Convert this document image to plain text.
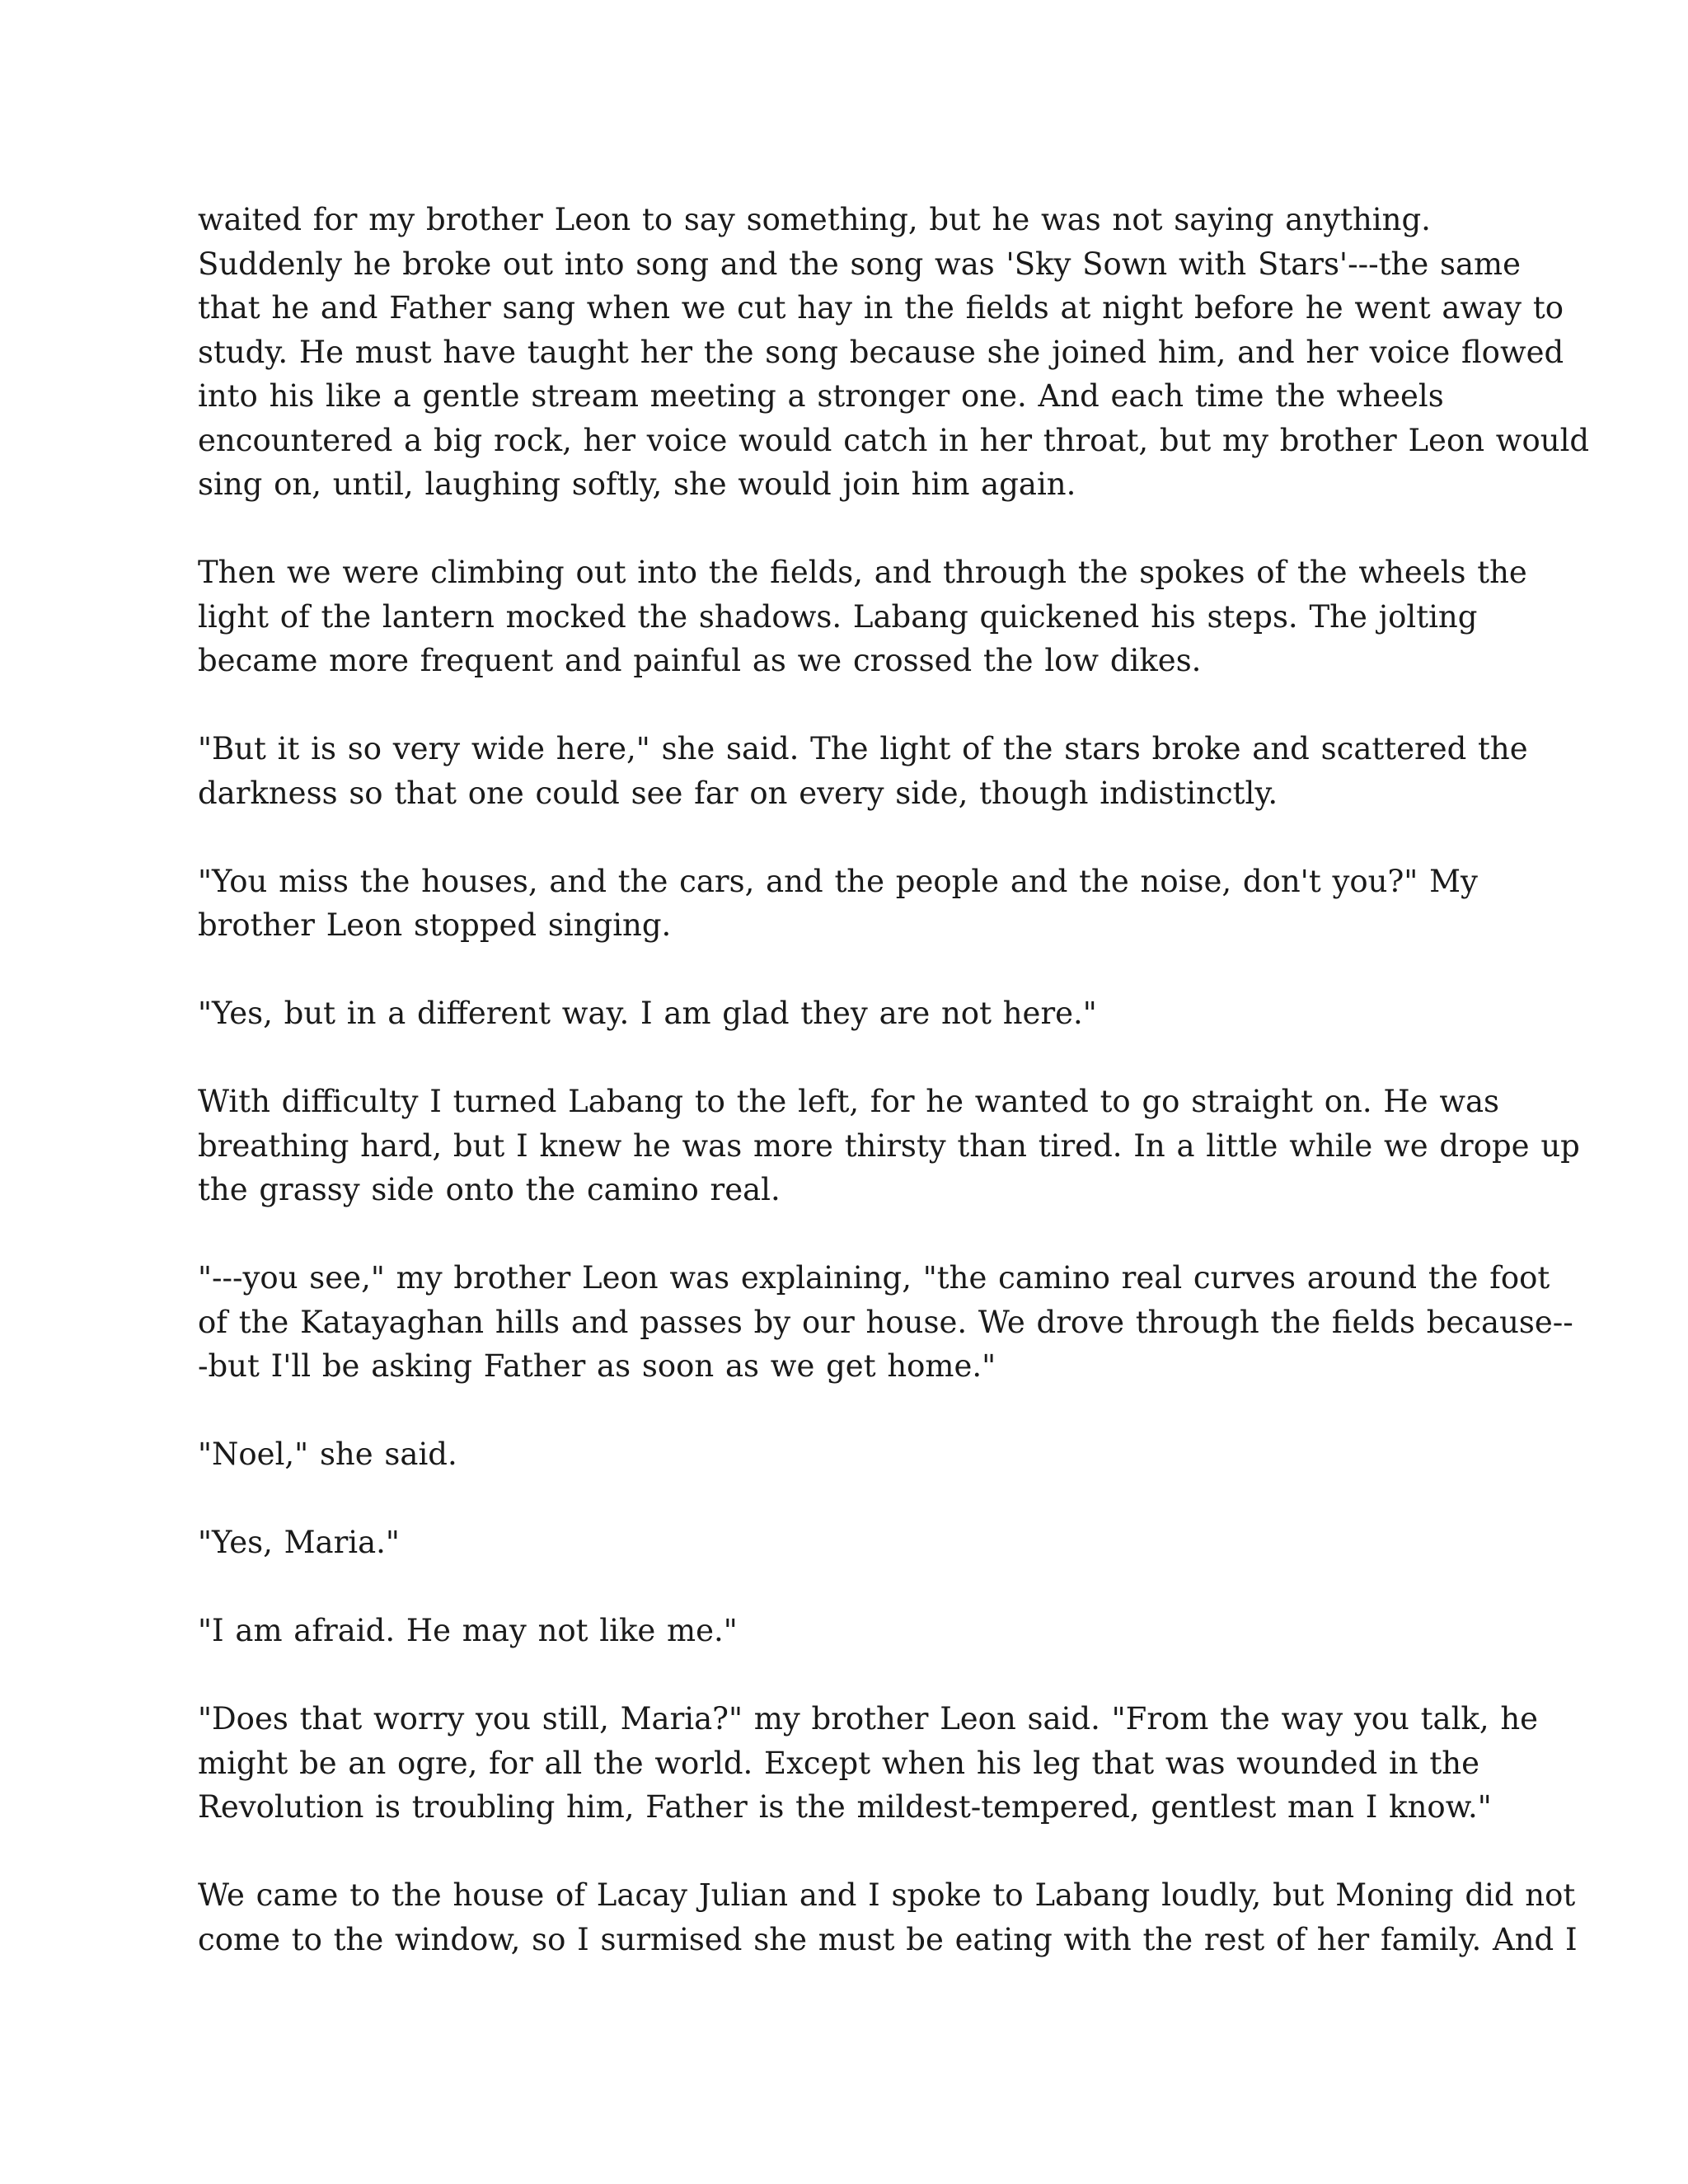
waited for my brother Leon to say something, but he was not saying anything.
Suddenly he broke out into song and the song was 'Sky Sown with Stars'---the same
that he and Father sang when we cut hay in the fields at night before he went away to
study. He must have taught her the song because she joined him, and her voice flowed
into his like a gentle stream meeting a stronger one. And each time the wheels
encountered a big rock, her voice would catch in her throat, but my brother Leon would
sing on, until, laughing softly, she would join him again.
Then we were climbing out into the fields, and through the spokes of the wheels the
light of the lantern mocked the shadows. Labang quickened his steps. The jolting
became more frequent and painful as we crossed the low dikes.
"But it is so very wide here," she said. The light of the stars broke and scattered the
darkness so that one could see far on every side, though indistinctly.
"You miss the houses, and the cars, and the people and the noise, don't you?" My
brother Leon stopped singing.
"Yes, but in a different way. I am glad they are not here."
With difficulty I turned Labang to the left, for he wanted to go straight on. He was
breathing hard, but I knew he was more thirsty than tired. In a little while we drope up
the grassy side onto the camino real.
"---you see," my brother Leon was explaining, "the camino real curves around the foot
of the Katayaghan hills and passes by our house. We drove through the fields because--
-but I'll be asking Father as soon as we get home."
"Noel," she said.
"Yes, Maria."
"I am afraid. He may not like me."
"Does that worry you still, Maria?" my brother Leon said. "From the way you talk, he
might be an ogre, for all the world. Except when his leg that was wounded in the
Revolution is troubling him, Father is the mildest-tempered, gentlest man I know."
We came to the house of Lacay Julian and I spoke to Labang loudly, but Moning did not
come to the window, so I surmised she must be eating with the rest of her family. And I
